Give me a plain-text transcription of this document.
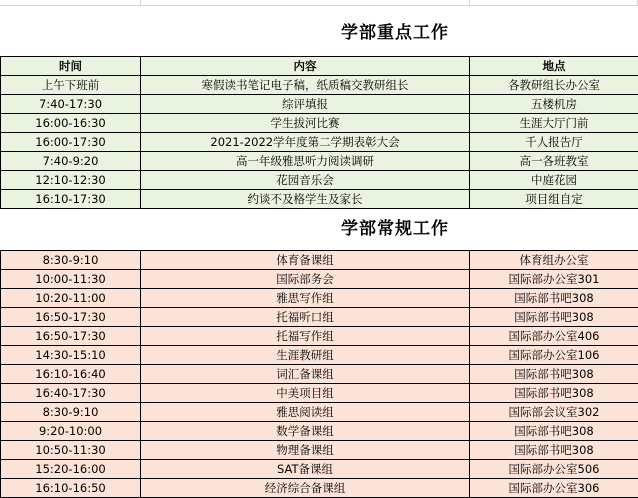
学部重点工作
时间	内容	地点
上午下班前	寒假读书笔记电子稿，纸质稿交教研组长	各教研组长办公室
7:40-17:30	综评填报	五楼机房
16:00-16:30	学生拔河比赛	生涯大厅门前
16:00-17:30	2021-2022学年度第二学期表彰大会	千人报告厅
7:40-9:20	高一年级雅思听力阅读调研	高一各班教室
12:10-12:30	花园音乐会	中庭花园
16:10-17:30	约谈不及格学生及家长	项目组自定
学部常规工作
8:30-9:10	体育备课组	体育组办公室
10:00-11:30	国际部务会	国际部办公室301
10:20-11:00	雅思写作组	国际部书吧308
16:50-17:30	托福听口组	国际部书吧308
16:50-17:30	托福写作组	国际部办公室406
14:30-15:10	生涯教研组	国际部办公室106
16:10-16:40	词汇备课组	国际部书吧308
16:40-17:30	中美项目组	国际部书吧308
8:30-9:10	雅思阅读组	国际部会议室302
9:20-10:00	数学备课组	国际部书吧308
10:50-11:30	物理备课组	国际部书吧308
15:20-16:00	SAT备课组	国际部办公室506
16:10-16:50	经济综合备课组	国际部办公室306
